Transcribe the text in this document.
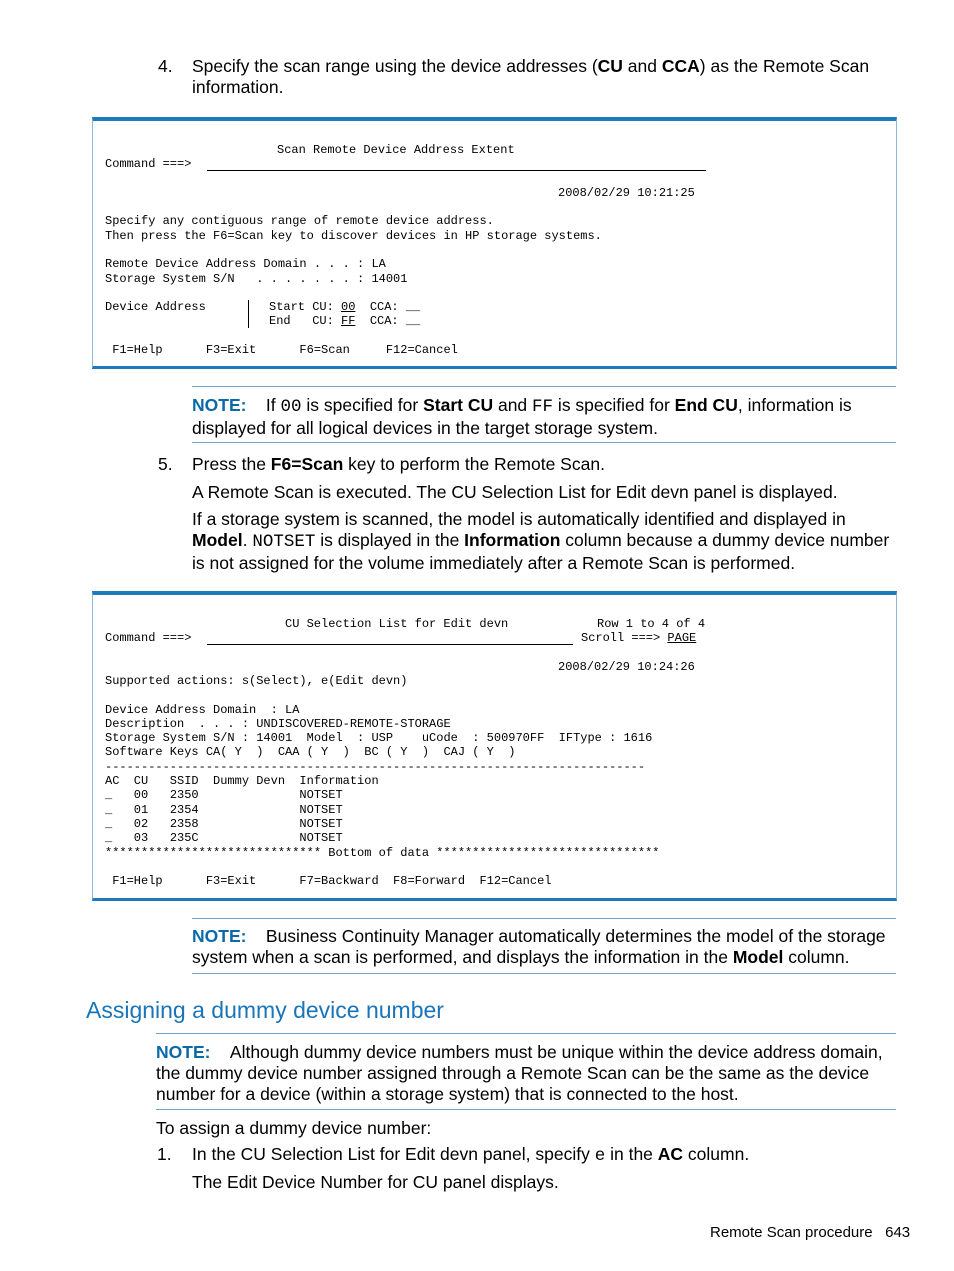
4. Specify the scan range using the device addresses (CU and CCA) as the Remote Scan information.
Scan Remote Device Address Extent
Command ===>
2008/02/29 10:21:25
Specify any contiguous range of remote device address.
Then press the F6=Scan key to discover devices in HP storage systems.
Remote Device Address Domain . . . : LA
Storage System S/N   . . . . . . . : 14001
Device Address	Start CU: 00  CCA: __
End   CU: FF  CCA: __
F1=Help      F3=Exit      F6=Scan     F12=Cancel
NOTE: If 00 is specified for Start CU and FF is specified for End CU, information is displayed for all logical devices in the target storage system.
5. Press the F6=Scan key to perform the Remote Scan.
A Remote Scan is executed. The CU Selection List for Edit devn panel is displayed.
If a storage system is scanned, the model is automatically identified and displayed in Model. NOTSET is displayed in the Information column because a dummy device number is not assigned for the volume immediately after a Remote Scan is performed.
CU Selection List for Edit devn	Row 1 to 4 of 4
Command ===>	Scroll ===> PAGE
2008/02/29 10:24:26
Supported actions: s(Select), e(Edit devn)
Device Address Domain  : LA
Description  . . . : UNDISCOVERED-REMOTE-STORAGE
Storage System S/N : 14001  Model  : USP    uCode  : 500970FF  IFType : 1616
Software Keys CA( Y  )  CAA ( Y  )  BC ( Y  )  CAJ ( Y  )
---------------------------------------------------------------------------
AC  CU   SSID  Dummy Devn  Information
_   00   2350              NOTSET
_   01   2354              NOTSET
_   02   2358              NOTSET
_   03   235C              NOTSET
****************************** Bottom of data *******************************
F1=Help      F3=Exit      F7=Backward  F8=Forward  F12=Cancel
NOTE: Business Continuity Manager automatically determines the model of the storage system when a scan is performed, and displays the information in the Model column.
Assigning a dummy device number
NOTE: Although dummy device numbers must be unique within the device address domain, the dummy device number assigned through a Remote Scan can be the same as the device number for a device (within a storage system) that is connected to the host.
To assign a dummy device number:
1. In the CU Selection List for Edit devn panel, specify e in the AC column.
The Edit Device Number for CU panel displays.
Remote Scan procedure 643
